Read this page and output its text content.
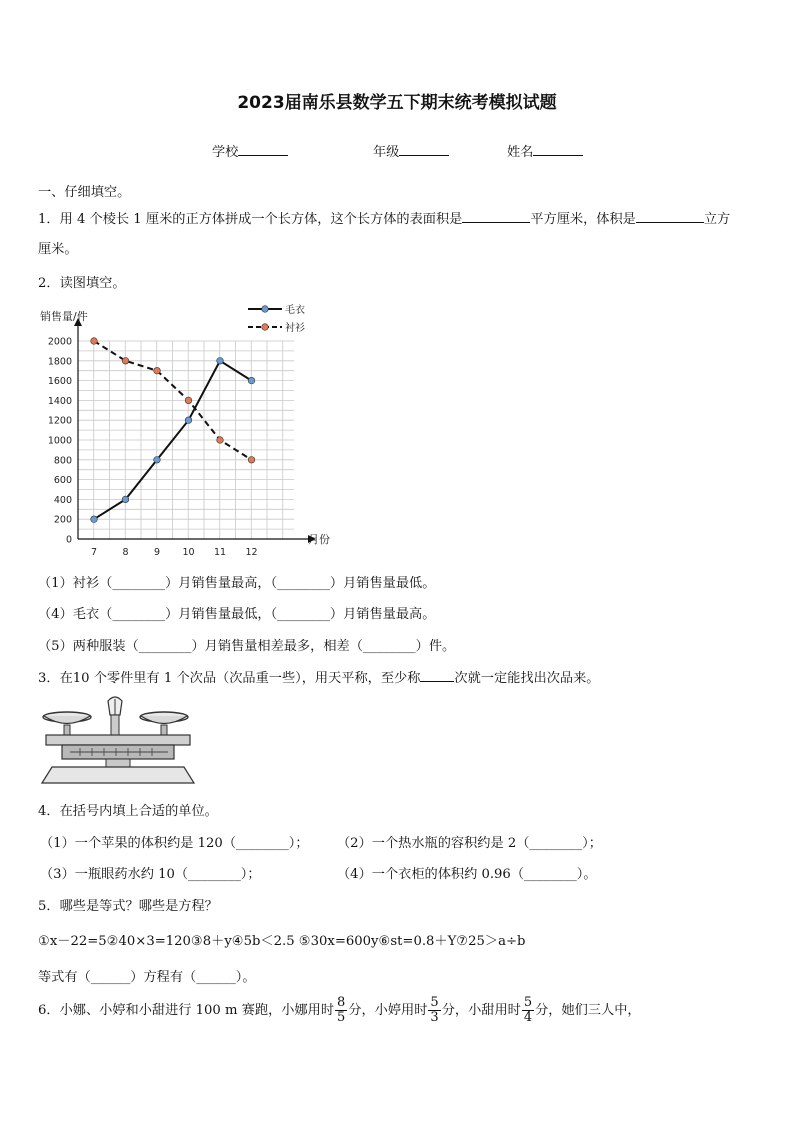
2023届南乐县数学五下期末统考模拟试题
学校	年级	姓名
一、仔细填空。
1．用 4 个棱长 1 厘米的正方体拼成一个长方体，这个长方体的表面积是	平方厘米，体积是	立方
厘米。
2．读图填空。
销售量/件
月份
0
200
400
600
800
1000
1200
1400
1600
1800
2000
7	8	9 10 11 12
毛衣
衬衫
（1）衬衫（________）月销售量最高，（________）月销售量最低。
（4）毛衣（________）月销售量最低，（________）月销售量最高。
（5）两种服装（________）月销售量相差最多，相差（________）件。
3．在10 个零件里有 1 个次品（次品重一些），用天平称，至少称	次就一定能找出次品来。
4．在括号内填上合适的单位。
（1）一个苹果的体积约是 120（________）； （2）一个热水瓶的容积约是 2（________）；
（3）一瓶眼药水约 10（________）；	（4）一个衣柜的体积约 0.96（________）。
5．哪些是等式？哪些是方程？
①x－22=5②40×3=120③8＋y④5b＜2.5 ⑤30x=600y⑥st=0.8＋Y⑦25＞a÷b
等式有（______）方程有（______）。
6．小娜、小婷和小甜进行 100 m 赛跑，小娜用时 $\frac{8}{5}$ 分，小婷用时 $\frac{5}{3}$ 分，小甜用时 $\frac{5}{4}$ 分，她们三人中，
